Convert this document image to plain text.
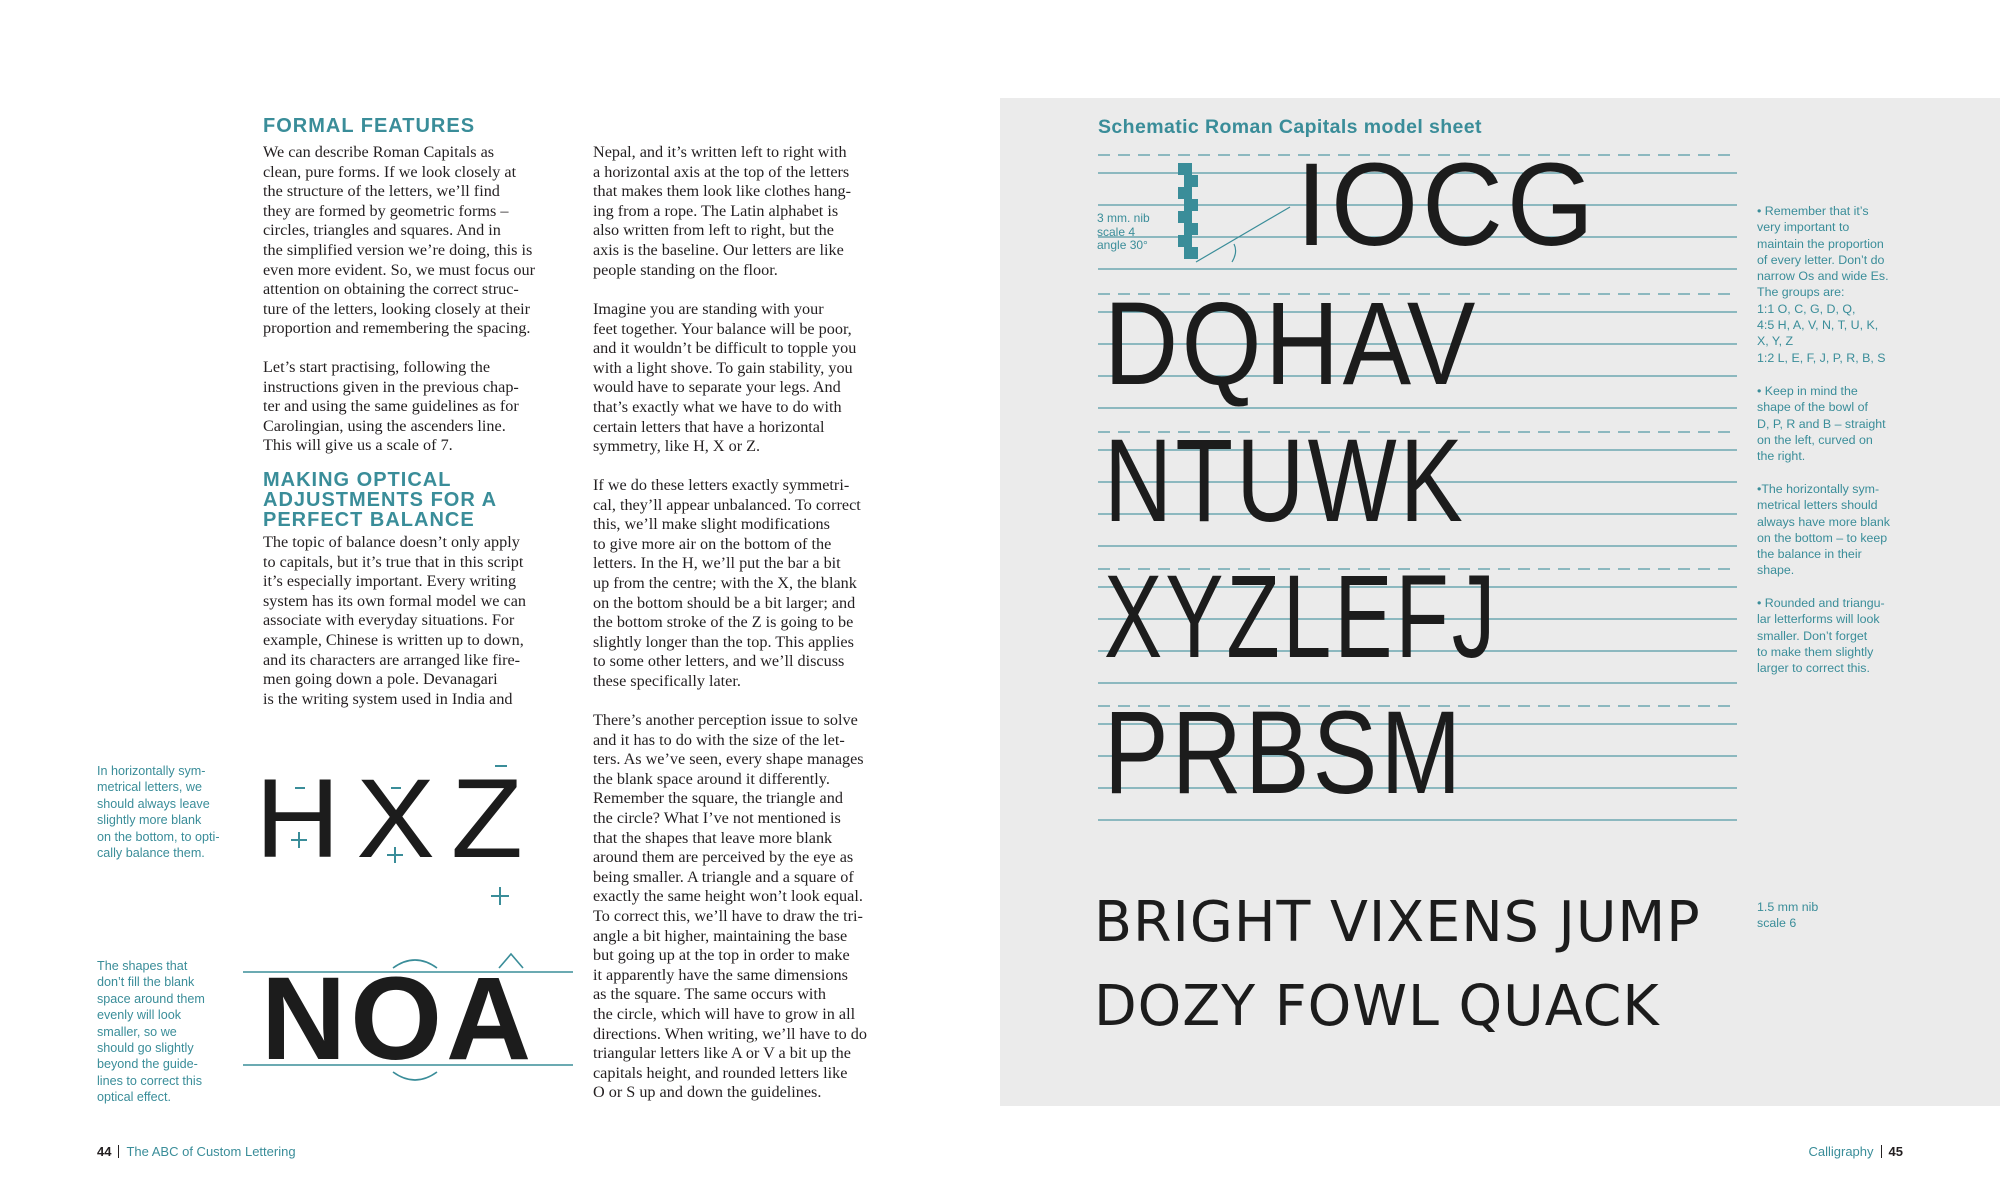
FORMAL FEATURES

We can describe Roman Capitals as
clean, pure forms. If we look closely at
the structure of the letters, we’ll find
they are formed by geometric forms –
circles, triangles and squares. And in
the simplified version we’re doing, this is
even more evident. So, we must focus our
attention on obtaining the correct struc-
ture of the letters, looking closely at their
proportion and remembering the spacing.

Let’s start practising, following the
instructions given in the previous chap-
ter and using the same guidelines as for
Carolingian, using the ascenders line.
This will give us a scale of 7.

MAKING OPTICAL
ADJUSTMENTS FOR A
PERFECT BALANCE

The topic of balance doesn’t only apply
to capitals, but it’s true that in this script
it’s especially important. Every writing
system has its own formal model we can
associate with everyday situations. For
example, Chinese is written up to down,
and its characters are arranged like fire-
men going down a pole. Devanagari
is the writing system used in India and

Nepal, and it’s written left to right with
a horizontal axis at the top of the letters
that makes them look like clothes hang-
ing from a rope. The Latin alphabet is
also written from left to right, but the
axis is the baseline. Our letters are like
people standing on the floor.

Imagine you are standing with your
feet together. Your balance will be poor,
and it wouldn’t be difficult to topple you
with a light shove. To gain stability, you
would have to separate your legs. And
that’s exactly what we have to do with
certain letters that have a horizontal
symmetry, like H, X or Z.

If we do these letters exactly symmetri-
cal, they’ll appear unbalanced. To correct
this, we’ll make slight modifications
to give more air on the bottom of the
letters. In the H, we’ll put the bar a bit
up from the centre; with the X, the blank
on the bottom should be a bit larger; and
the bottom stroke of the Z is going to be
slightly longer than the top. This applies
to some other letters, and we’ll discuss
these specifically later.

There’s another perception issue to solve
and it has to do with the size of the let-
ters. As we’ve seen, every shape manages
the blank space around it differently.
Remember the square, the triangle and
the circle? What I’ve not mentioned is
that the shapes that leave more blank
around them are perceived by the eye as
being smaller. A triangle and a square of
exactly the same height won’t look equal.
To correct this, we’ll have to draw the tri-
angle a bit higher, maintaining the base
but going up at the top in order to make
it apparently have the same dimensions
as the square. The same occurs with
the circle, which will have to grow in all
directions. When writing, we’ll have to do
triangular letters like A or V a bit up the
capitals height, and rounded letters like
O or S up and down the guidelines.

In horizontally sym-
metrical letters, we
should always leave
slightly more blank
on the bottom, to opti-
cally balance them.

The shapes that
don’t fill the blank
space around them
evenly will look
smaller, so we
should go slightly
beyond the guide-
lines to correct this
optical effect.

HXZ
NOA
44 The ABC of Custom Lettering
Schematic Roman Capitals model sheet

3 mm. nib
scale 4
angle 30° IOCG
DQHAV
NTUWK
XYZLEFJ
PRBSM

• Remember that it’s
very important to
maintain the proportion
of every letter. Don’t do
narrow Os and wide Es.
The groups are:
1:1 O, C, G, D, Q,
4:5 H, A, V, N, T, U, K,
X, Y, Z
1:2 L, E, F, J, P, R, B, S

• Keep in mind the
shape of the bowl of
D, P, R and B – straight
on the left, curved on
the right.

•The horizontally sym-
metrical letters should
always have more blank
on the bottom – to keep
the balance in their
shape.

• Rounded and triangu-
lar letterforms will look
smaller. Don’t forget
to make them slightly
larger to correct this.

BRIGHT VIXENS JUMP
DOZY FOWL QUACK

1.5 mm nib
scale 6

Calligraphy 45
